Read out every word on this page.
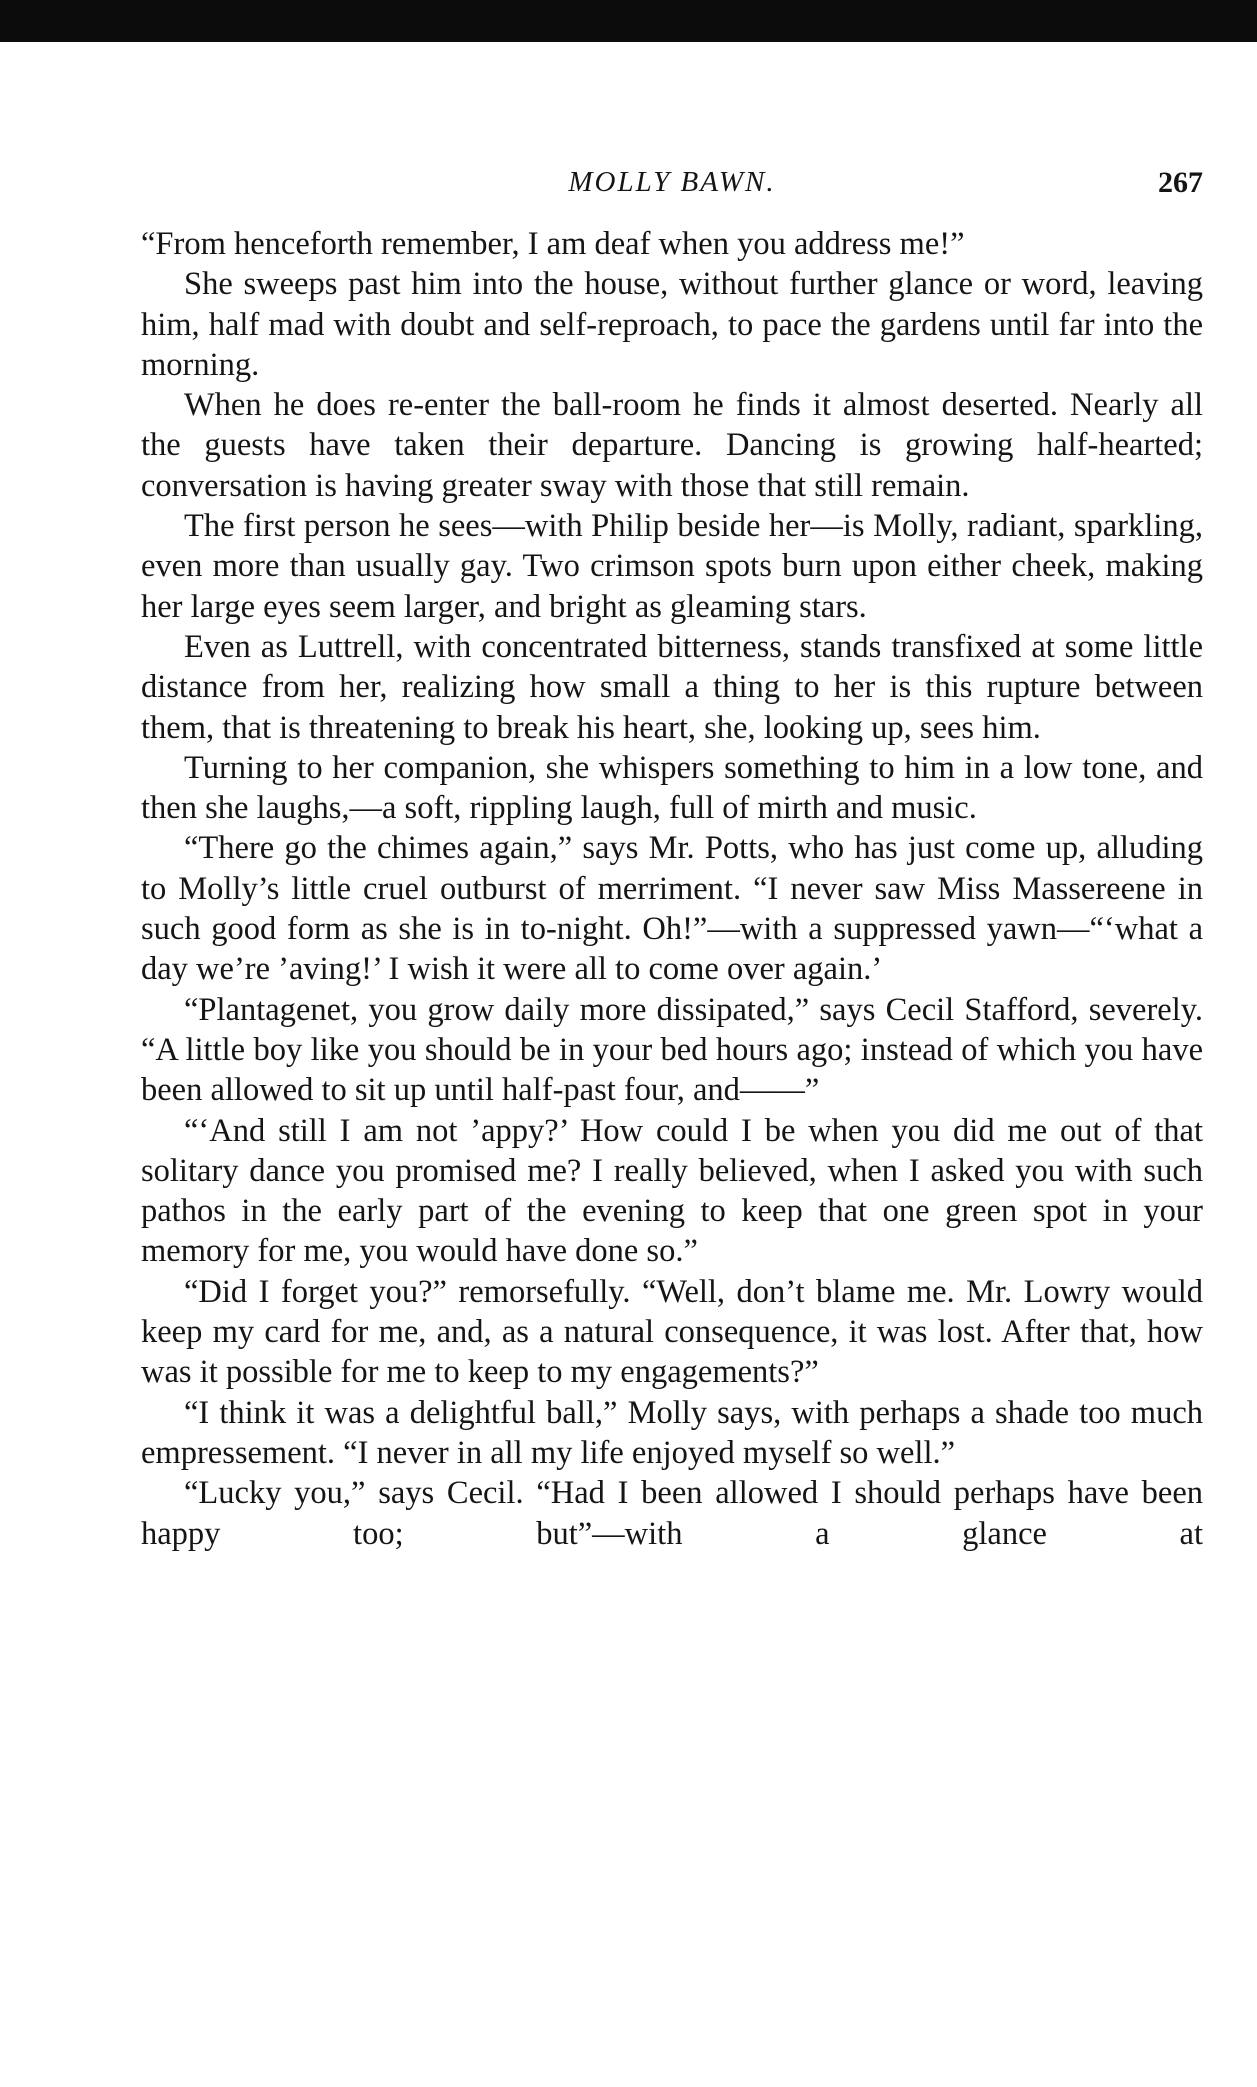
MOLLY BAWN.	267

“From henceforth remember, I am deaf when you address me!”

She sweeps past him into the house, without further glance or word, leaving him, half mad with doubt and self-reproach, to pace the gardens until far into the morning.

When he does re-enter the ball-room he finds it almost deserted. Nearly all the guests have taken their departure. Dancing is growing half-hearted; conversation is having greater sway with those that still remain.

The first person he sees—with Philip beside her—is Molly, radiant, sparkling, even more than usually gay. Two crimson spots burn upon either cheek, making her large eyes seem larger, and bright as gleaming stars.

Even as Luttrell, with concentrated bitterness, stands transfixed at some little distance from her, realizing how small a thing to her is this rupture between them, that is threatening to break his heart, she, looking up, sees him.

Turning to her companion, she whispers something to him in a low tone, and then she laughs,—a soft, rippling laugh, full of mirth and music.

“There go the chimes again,” says Mr. Potts, who has just come up, alluding to Molly’s little cruel outburst of merriment. “I never saw Miss Massereene in such good form as she is in to-night. Oh!”—with a suppressed yawn—“‘what a day we’re ’aving!’ I wish it were all to come over again.’

“Plantagenet, you grow daily more dissipated,” says Cecil Stafford, severely. “A little boy like you should be in your bed hours ago; instead of which you have been allowed to sit up until half-past four, and——”

“‘And still I am not ’appy?’ How could I be when you did me out of that solitary dance you promised me? I really believed, when I asked you with such pathos in the early part of the evening to keep that one green spot in your memory for me, you would have done so.”

“Did I forget you?” remorsefully. “Well, don’t blame me. Mr. Lowry would keep my card for me, and, as a natural consequence, it was lost. After that, how was it possible for me to keep to my engagements?”

“I think it was a delightful ball,” Molly says, with perhaps a shade too much empressement. “I never in all my life enjoyed myself so well.”

“Lucky you,” says Cecil. “Had I been allowed I should perhaps have been happy too; but”—with a glance at
